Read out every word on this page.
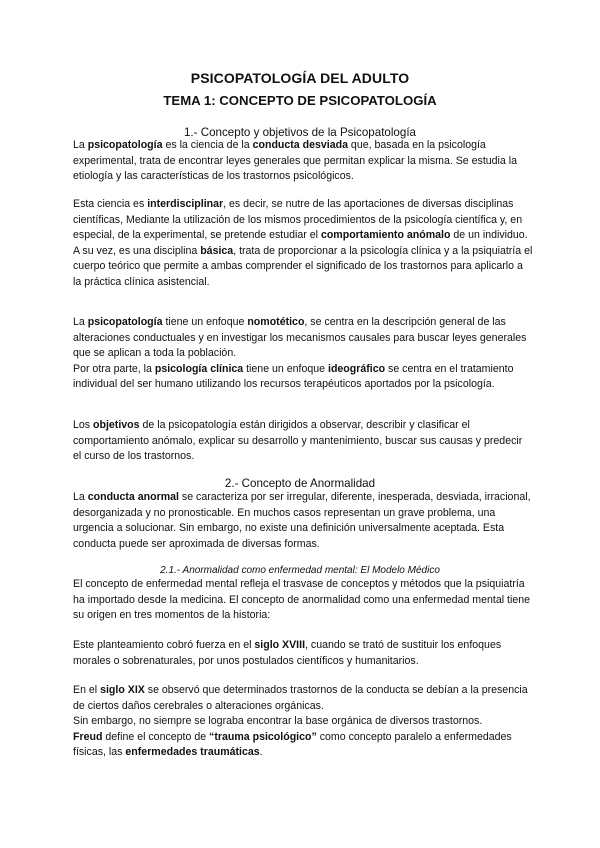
PSICOPATOLOGÍA DEL ADULTO
TEMA 1: CONCEPTO DE PSICOPATOLOGÍA
1.- Concepto y objetivos de la Psicopatología

La psicopatología es la ciencia de la conducta desviada que, basada en la psicología experimental, trata de encontrar leyes generales que permitan explicar la misma. Se estudia la etiología y las características de los trastornos psicológicos.

Esta ciencia es interdisciplinar, es decir, se nutre de las aportaciones de diversas disciplinas científicas, Mediante la utilización de los mismos procedimientos de la psicología científica y, en especial, de la experimental, se pretende estudiar el comportamiento anómalo de un individuo.

A su vez, es una disciplina básica, trata de proporcionar a la psicología clínica y a la psiquiatría el cuerpo teórico que permite a ambas comprender el significado de los trastornos para aplicarlo a la práctica clínica asistencial.

La psicopatología tiene un enfoque nomotético, se centra en la descripción general de las alteraciones conductuales y en investigar los mecanismos causales para buscar leyes generales que se aplican a toda la población.

Por otra parte, la psicología clínica tiene un enfoque ideográfico se centra en el tratamiento individual del ser humano utilizando los recursos terapéuticos aportados por la psicología.

Los objetivos de la psicopatología están dirigidos a observar, describir y clasificar el comportamiento anómalo, explicar su desarrollo y mantenimiento, buscar sus causas y predecir el curso de los trastornos.

2.- Concepto de Anormalidad

La conducta anormal se caracteriza por ser irregular, diferente, inesperada, desviada, irracional, desorganizada y no pronosticable. En muchos casos representan un grave problema, una urgencia a solucionar. Sin embargo, no existe una definición universalmente aceptada. Esta conducta puede ser aproximada de diversas formas.

2.1.- Anormalidad como enfermedad mental: El Modelo Médico

El concepto de enfermedad mental refleja el trasvase de conceptos y métodos que la psiquiatría ha importado desde la medicina. El concepto de anormalidad como una enfermedad mental tiene su origen en tres momentos de la historia:

Este planteamiento cobró fuerza en el siglo XVIII, cuando se trató de sustituir los enfoques morales o sobrenaturales, por unos postulados científicos y humanitarios.

En el siglo XIX se observó que determinados trastornos de la conducta se debían a la presencia de ciertos daños cerebrales o alteraciones orgánicas.

Sin embargo, no siempre se lograba encontrar la base orgánica de diversos trastornos.

Freud define el concepto de “trauma psicológico” como concepto paralelo a enfermedades físicas, las enfermedades traumáticas.
